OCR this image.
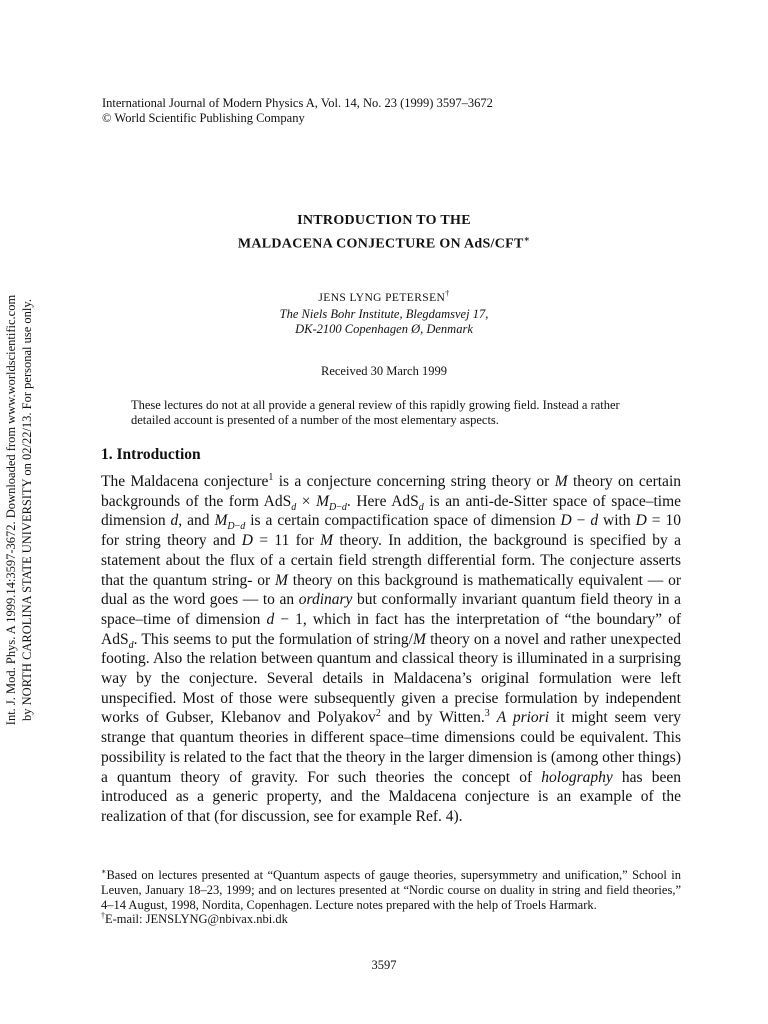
Int. J. Mod. Phys. A 1999.14:3597-3672. Downloaded from www.worldscientific.com by NORTH CAROLINA STATE UNIVERSITY on 02/22/13. For personal use only.
International Journal of Modern Physics A, Vol. 14, No. 23 (1999) 3597–3672
© World Scientific Publishing Company
INTRODUCTION TO THE
MALDACENA CONJECTURE ON AdS/CFT∗
JENS LYNG PETERSEN†
The Niels Bohr Institute, Blegdamsvej 17,
DK-2100 Copenhagen Ø, Denmark
Received 30 March 1999
These lectures do not at all provide a general review of this rapidly growing field. Instead a rather detailed account is presented of a number of the most elementary aspects.
1. Introduction
The Maldacena conjecture$^1$ is a conjecture concerning string theory or M theory on certain backgrounds of the form $AdS_d \times M_{D-d}$. Here AdS$_d$ is an anti-de-Sitter space of space–time dimension d, and $M_{D-d}$ is a certain compactification space of dimension D − d with D = 10 for string theory and D = 11 for M theory. In addition, the background is specified by a statement about the flux of a certain field strength differential form. The conjecture asserts that the quantum string- or M theory on this background is mathematically equivalent — or dual as the word goes — to an ordinary but conformally invariant quantum field theory in a space–time of dimension d − 1, which in fact has the interpretation of “the boundary” of AdS$_d$. This seems to put the formulation of string/M theory on a novel and rather unexpected footing. Also the relation between quantum and classical theory is illuminated in a surprising way by the conjecture. Several details in Maldacena’s original formulation were left unspecified. Most of those were subsequently given a precise formulation by independent works of Gubser, Klebanov and Polyakov$^2$ and by Witten.$^3$ A priori it might seem very strange that quantum theories in different space–time dimensions could be equivalent. This possibility is related to the fact that the theory in the larger dimension is (among other things) a quantum theory of gravity. For such theories the concept of holography has been introduced as a generic property, and the Maldacena conjecture is an example of the realization of that (for discussion, see for example Ref. 4).
∗Based on lectures presented at “Quantum aspects of gauge theories, supersymmetry and unification,” School in Leuven, January 18–23, 1999; and on lectures presented at “Nordic course on duality in string and field theories,” 4–14 August, 1998, Nordita, Copenhagen. Lecture notes prepared with the help of Troels Harmark.
†E-mail: JENSLYNG@nbivax.nbi.dk
3597
